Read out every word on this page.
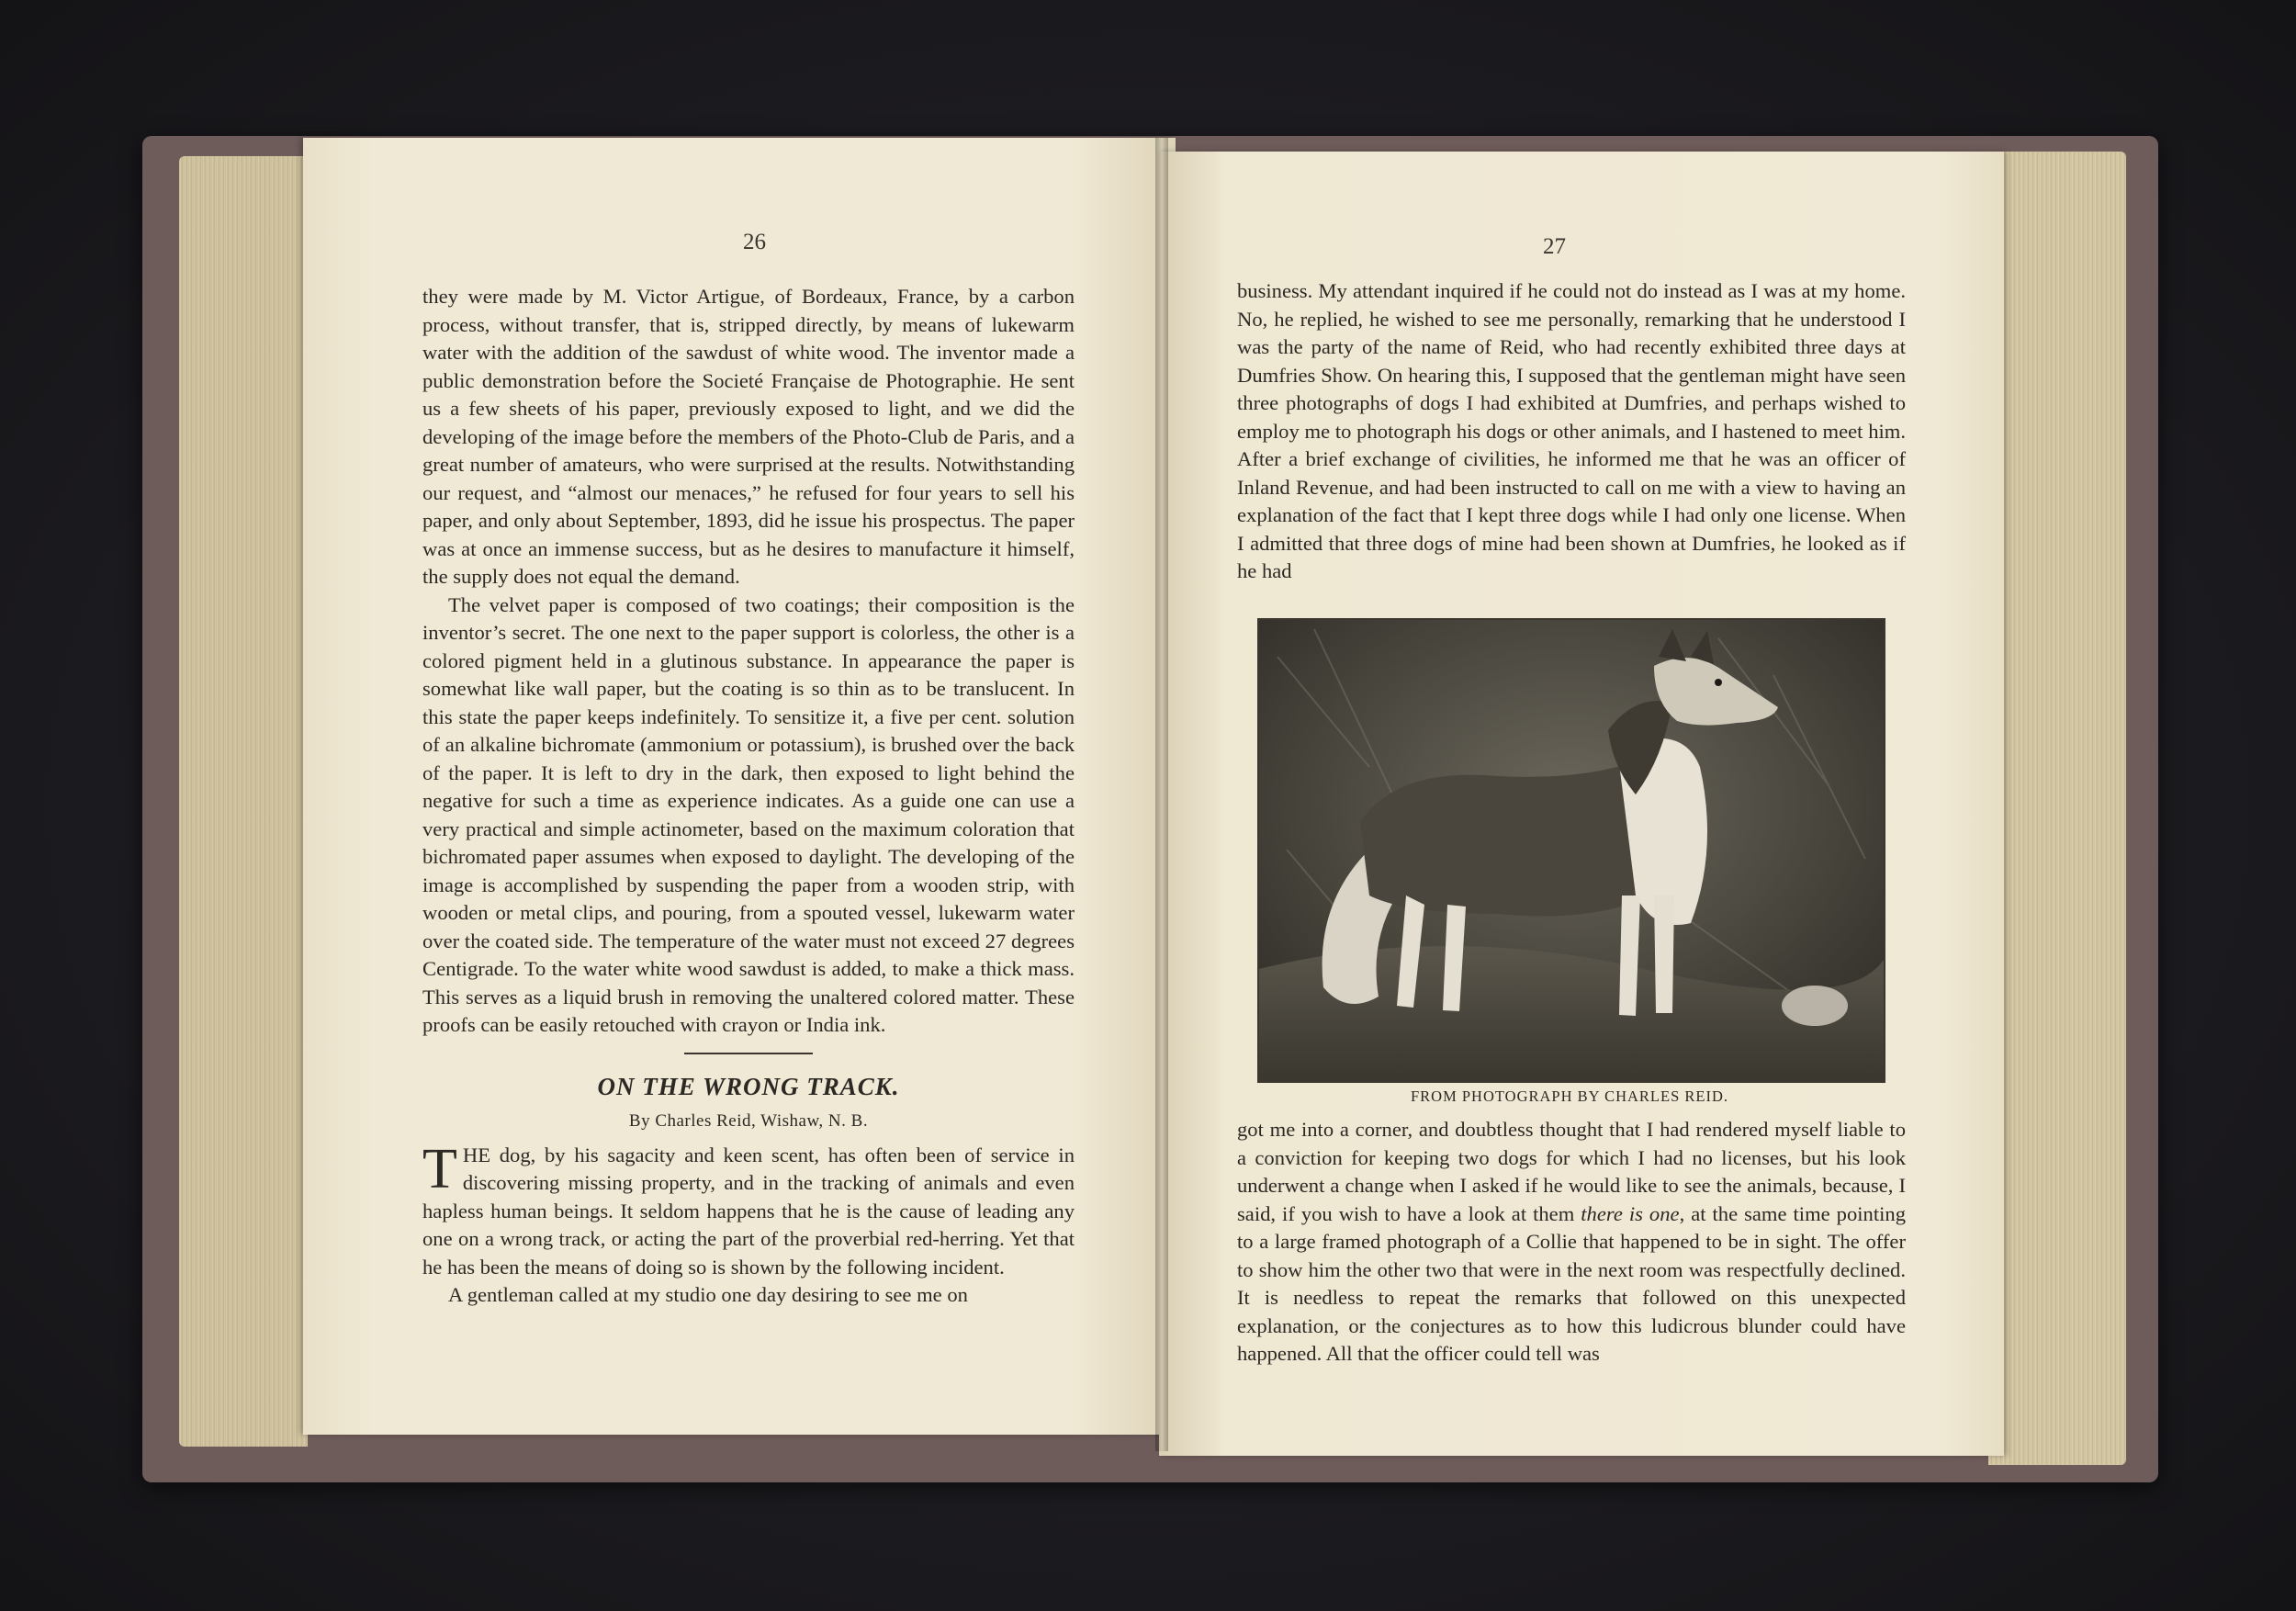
26

they were made by M. Victor Artigue, of Bordeaux, France, by a carbon process, without transfer, that is, stripped directly, by means of lukewarm water with the addition of the sawdust of white wood. The inventor made a public demonstration before the Societé Française de Photographie. He sent us a few sheets of his paper, previously exposed to light, and we did the developing of the image before the members of the Photo-Club de Paris, and a great number of amateurs, who were surprised at the results. Notwithstanding our request, and “almost our menaces,” he refused for four years to sell his paper, and only about September, 1893, did he issue his prospectus. The paper was at once an immense success, but as he desires to manufacture it himself, the supply does not equal the demand.

The velvet paper is composed of two coatings; their composition is the inventor’s secret. The one next to the paper support is colorless, the other is a colored pigment held in a glutinous substance. In appearance the paper is somewhat like wall paper, but the coating is so thin as to be translucent. In this state the paper keeps indefinitely. To sensitize it, a five per cent. solution of an alkaline bichromate (ammonium or potassium), is brushed over the back of the paper. It is left to dry in the dark, then exposed to light behind the negative for such a time as experience indicates. As a guide one can use a very practical and simple actinometer, based on the maximum coloration that bichromated paper assumes when exposed to daylight. The developing of the image is accomplished by suspending the paper from a wooden strip, with wooden or metal clips, and pouring, from a spouted vessel, lukewarm water over the coated side. The temperature of the water must not exceed 27 degrees Centigrade. To the water white wood sawdust is added, to make a thick mass. This serves as a liquid brush in removing the unaltered colored matter. These proofs can be easily retouched with crayon or India ink.

ON THE WRONG TRACK.
By Charles Reid, Wishaw, N. B.

THE dog, by his sagacity and keen scent, has often been of service in discovering missing property, and in the tracking of animals and even hapless human beings. It seldom happens that he is the cause of leading any one on a wrong track, or acting the part of the proverbial red-herring. Yet that he has been the means of doing so is shown by the following incident.

A gentleman called at my studio one day desiring to see me on

27

business. My attendant inquired if he could not do instead as I was at my home. No, he replied, he wished to see me personally, remarking that he understood I was the party of the name of Reid, who had recently exhibited three days at Dumfries Show. On hearing this, I supposed that the gentleman might have seen three photographs of dogs I had exhibited at Dumfries, and perhaps wished to employ me to photograph his dogs or other animals, and I hastened to meet him. After a brief exchange of civilities, he informed me that he was an officer of Inland Revenue, and had been instructed to call on me with a view to having an explanation of the fact that I kept three dogs while I had only one license. When I admitted that three dogs of mine had been shown at Dumfries, he looked as if he had

FROM PHOTOGRAPH BY CHARLES REID.

got me into a corner, and doubtless thought that I had rendered myself liable to a conviction for keeping two dogs for which I had no licenses, but his look underwent a change when I asked if he would like to see the animals, because, I said, if you wish to have a look at them there is one, at the same time pointing to a large framed photograph of a Collie that happened to be in sight. The offer to show him the other two that were in the next room was respectfully declined. It is needless to repeat the remarks that followed on this unexpected explanation, or the conjectures as to how this ludicrous blunder could have happened. All that the officer could tell was
